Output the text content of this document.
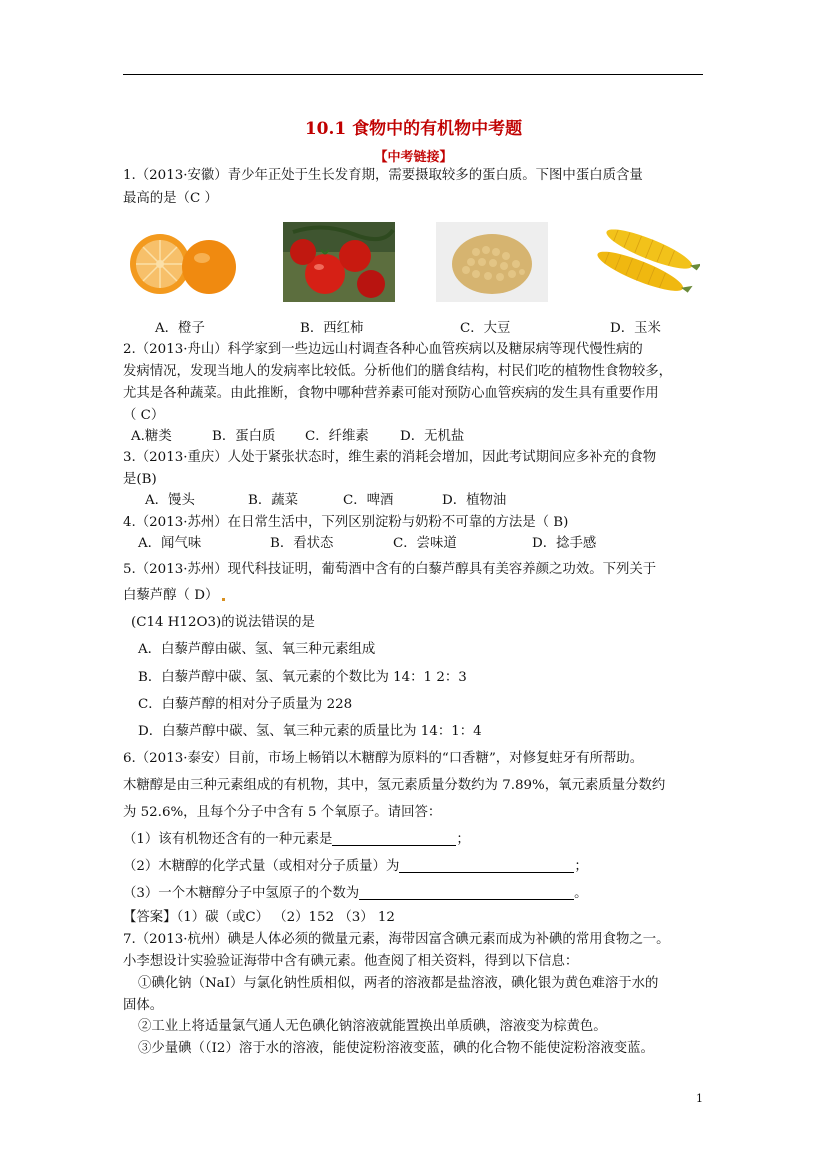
10.1 食物中的有机物中考题
【中考链接】
1.（2013·安徽）青少年正处于生长发育期，需要摄取较多的蛋白质。下图中蛋白质含量
最高的是（C ）
A．橙子	B．西红柿	C．大豆	D．玉米
2.（2013·舟山）科学家到一些边远山村调查各种心血管疾病以及糖尿病等现代慢性病的
发病情况，发现当地人的发病率比较低。分析他们的膳食结构，村民们吃的植物性食物较多，
尤其是各种蔬菜。由此推断，食物中哪种营养素可能对预防心血管疾病的发生具有重要作用
（ C）
A.糖类	B．蛋白质 C．纤维素 D．无机盐
3.（2013·重庆）人处于紧张状态时，维生素的消耗会增加，因此考试期间应多补充的食物
是(B)
A．馒头	B．蔬菜	C．啤酒	D．植物油
4.（2013·苏州）在日常生活中，下列区别淀粉与奶粉不可靠的方法是（ B)
A．闻气味	B．看状态	C．尝味道	D．捻手感
5.（2013·苏州）现代科技证明，葡萄酒中含有的白藜芦醇具有美容养颜之功效。下列关于
白藜芦醇（ D）
(C14 H12O3)的说法错误的是
A．白藜芦醇由碳、氢、氧三种元素组成
B．白藜芦醇中碳、氢、氧元素的个数比为 14：1 2：3
C．白藜芦醇的相对分子质量为 228
D．白藜芦醇中碳、氢、氧三种元素的质量比为 14：1：4
6.（2013·泰安）目前，市场上畅销以木糖醇为原料的“口香糖”，对修复蛀牙有所帮助。
木糖醇是由三种元素组成的有机物，其中，氢元素质量分数约为 7.89%，氧元素质量分数约
为 52.6%，且每个分子中含有 5 个氧原子。请回答：
（1）该有机物还含有的一种元素是	；
（2）木糖醇的化学式量（或相对分子质量）为	；
（3）一个木糖醇分子中氢原子的个数为	。
【答案】（1）碳（或C） （2）152 （3） 12
7.（2013·杭州）碘是人体必须的微量元素，海带因富含碘元素而成为补碘的常用食物之一。
小李想设计实验验证海带中含有碘元素。他查阅了相关资料，得到以下信息：
①碘化钠（NaI）与氯化钠性质相似，两者的溶液都是盐溶液，碘化银为黄色难溶于水的
固体。
②工业上将适量氯气通人无色碘化钠溶液就能置换出单质碘，溶液变为棕黄色。
③少量碘（（I2）溶于水的溶液，能使淀粉溶液变蓝，碘的化合物不能使淀粉溶液变蓝。
1
